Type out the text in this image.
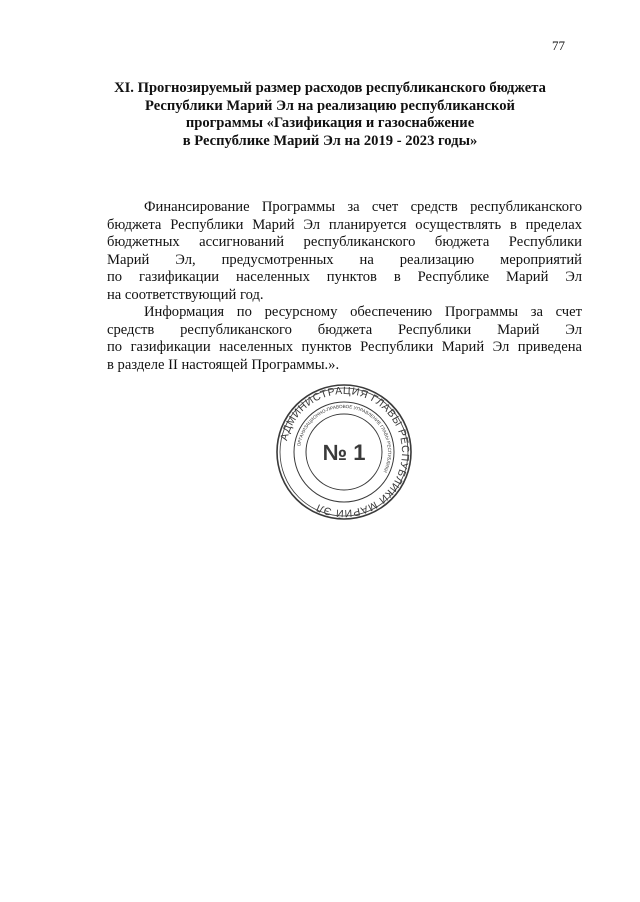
77
XI. Прогнозируемый размер расходов республиканского бюджета
Республики Марий Эл на реализацию республиканской
программы «Газификация и газоснабжение
в Республике Марий Эл на 2019 - 2023 годы»
Финансирование Программы за счет средств республиканского
бюджета Республики Марий Эл планируется осуществлять в пределах
бюджетных ассигнований республиканского бюджета Республики
Марий Эл, предусмотренных на реализацию мероприятий
по газификации населенных пунктов в Республике Марий Эл
на соответствующий год.
Информация по ресурсному обеспечению Программы за счет
средств республиканского бюджета Республики Марий Эл
по газификации населенных пунктов Республики Марий Эл приведена
в разделе II настоящей Программы.».
АДМИНИСТРАЦИЯ ГЛАВЫ РЕСПУБЛИКИ МАРИЙ ЭЛ
ОРГАНИЗАЦИОННО-ПРАВОВОЕ УПРАВЛЕНИЕ ГЛАВЫ РЕСПУБЛИКИ
№ 1
